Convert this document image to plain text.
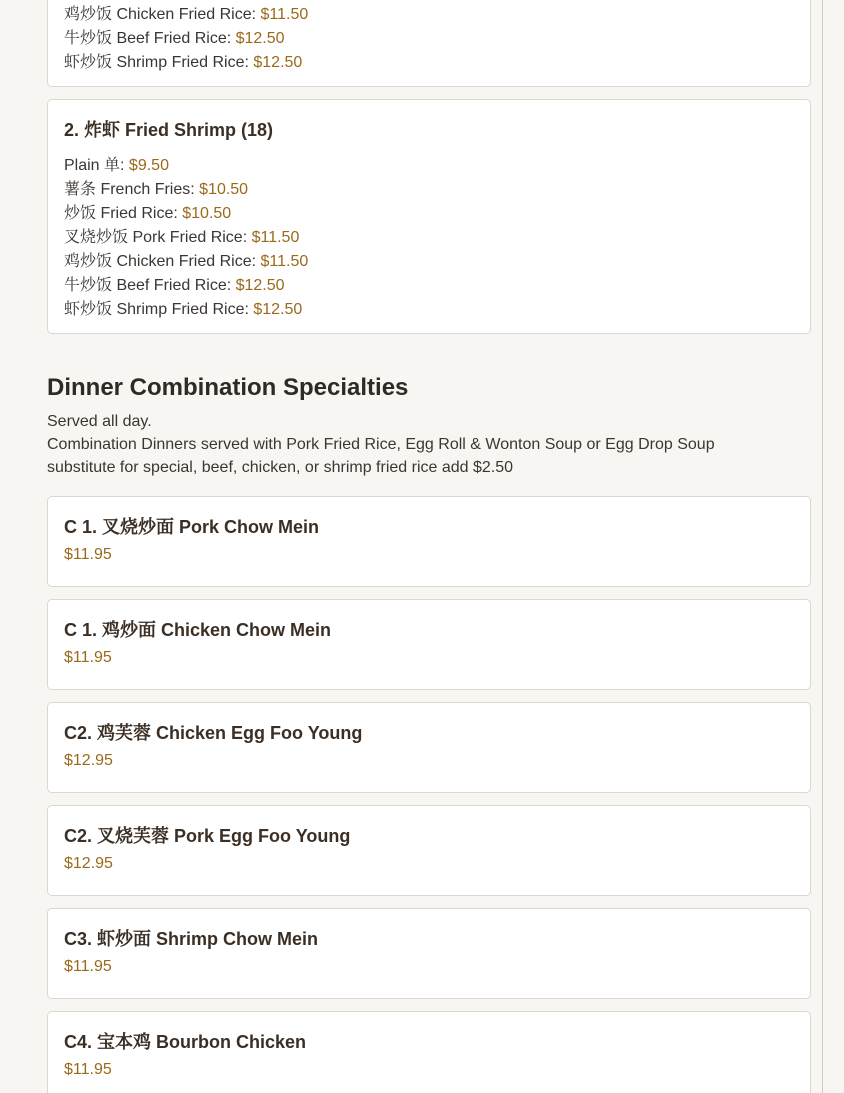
鸡炒饭 Chicken Fried Rice: $11.50
牛炒饭 Beef Fried Rice: $12.50
虾炒饭 Shrimp Fried Rice: $12.50
2. 炸虾 Fried Shrimp (18)
Plain 单: $9.50
薯条 French Fries: $10.50
炒饭 Fried Rice: $10.50
叉烧炒饭 Pork Fried Rice: $11.50
鸡炒饭 Chicken Fried Rice: $11.50
牛炒饭 Beef Fried Rice: $12.50
虾炒饭 Shrimp Fried Rice: $12.50
Dinner Combination Specialties
Served all day.
Combination Dinners served with Pork Fried Rice, Egg Roll & Wonton Soup or Egg Drop Soup
substitute for special, beef, chicken, or shrimp fried rice add $2.50
C 1. 叉烧炒面 Pork Chow Mein
$11.95
C 1. 鸡炒面 Chicken Chow Mein
$11.95
C2. 鸡芙蓉 Chicken Egg Foo Young
$12.95
C2. 叉烧芙蓉 Pork Egg Foo Young
$12.95
C3. 虾炒面 Shrimp Chow Mein
$11.95
C4. 宝本鸡 Bourbon Chicken
$11.95
